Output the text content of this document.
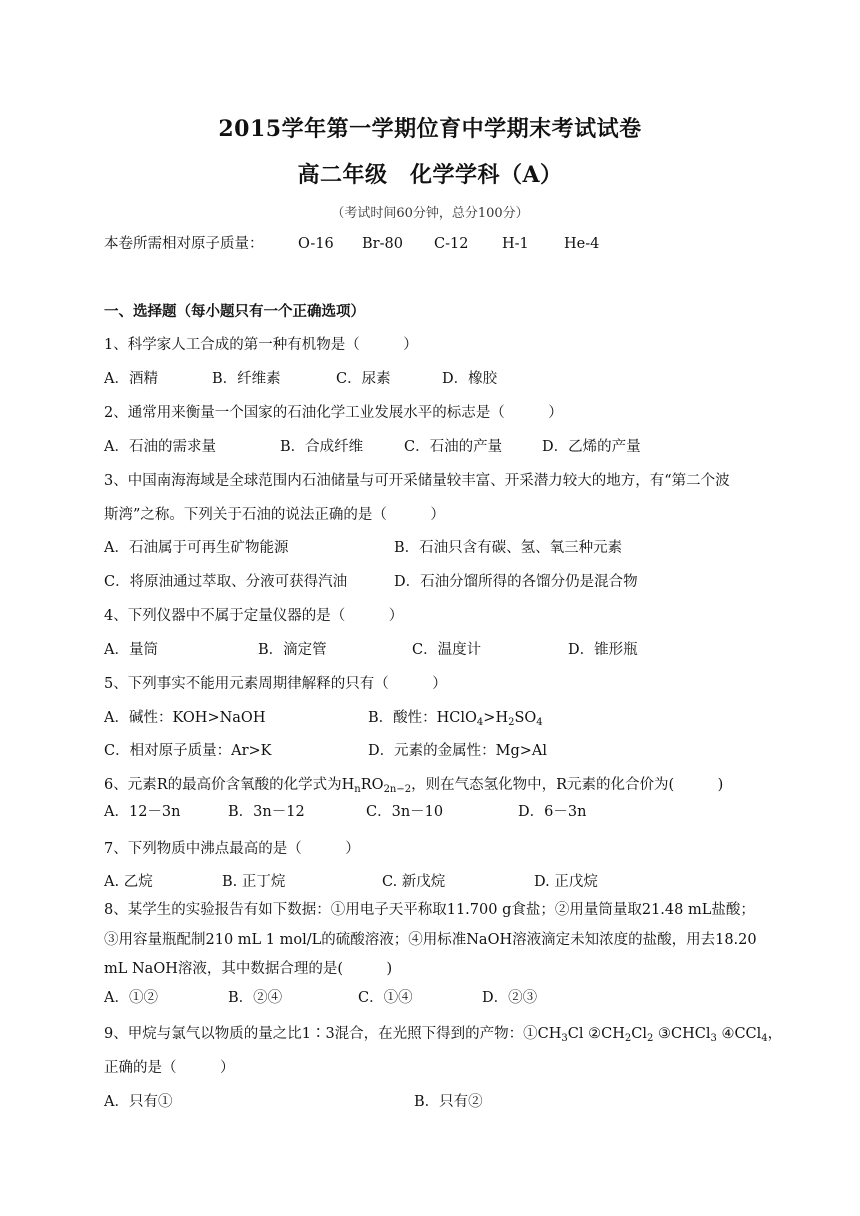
2015学年第一学期位育中学期末考试试卷
高二年级　化学学科（A）
（考试时间60分钟，总分100分）
本卷所需相对原子质量： O-16 Br-80 C-12 H-1 He-4
一、选择题（每小题只有一个正确选项）
1、科学家人工合成的第一种有机物是（　　　）
A．酒精	B．纤维素	C．尿素	D．橡胶
2、通常用来衡量一个国家的石油化学工业发展水平的标志是（　　　）
A．石油的需求量	B．合成纤维	C．石油的产量	D．乙烯的产量
3、中国南海海域是全球范围内石油储量与可开采储量较丰富、开采潜力较大的地方，有“第二个波
斯湾”之称。下列关于石油的说法正确的是（　　　）
A．石油属于可再生矿物能源	B．石油只含有碳、氢、氧三种元素
C．将原油通过萃取、分液可获得汽油	D．石油分馏所得的各馏分仍是混合物
4、下列仪器中不属于定量仪器的是（　　　）
A．量筒	B．滴定管	C．温度计	D．锥形瓶
5、下列事实不能用元素周期律解释的只有（　　　）
A．碱性：KOH>NaOH	B．酸性：$HClO_4>H_2SO_4$
C．相对原子质量：Ar>K	D．元素的金属性：Mg>Al
6、元素R的最高价含氧酸的化学式为$H_nRO_{2n-2}$，则在气态氢化物中，R元素的化合价为(　　　)
A．12－3n	B．3n－12	C．3n－10	D．6－3n
7、下列物质中沸点最高的是（　　　）
A. 乙烷	B. 正丁烷	C. 新戊烷	D. 正戊烷
8、某学生的实验报告有如下数据：①用电子天平称取11.700 g食盐；②用量筒量取21.48 mL盐酸；
③用容量瓶配制210 mL 1 mol/L的硫酸溶液；④用标准NaOH溶液滴定未知浓度的盐酸，用去18.20
mL NaOH溶液，其中数据合理的是(　　　)
A．①②	B．②④	C．①④	D．②③
9、甲烷与氯气以物质的量之比1∶3混合，在光照下得到的产物：$①CH_3Cl$ $②CH_2Cl_2$ ③CHCl$_3$ ④CCl$_4$，
正确的是（　　　）
A．只有①	B．只有②
